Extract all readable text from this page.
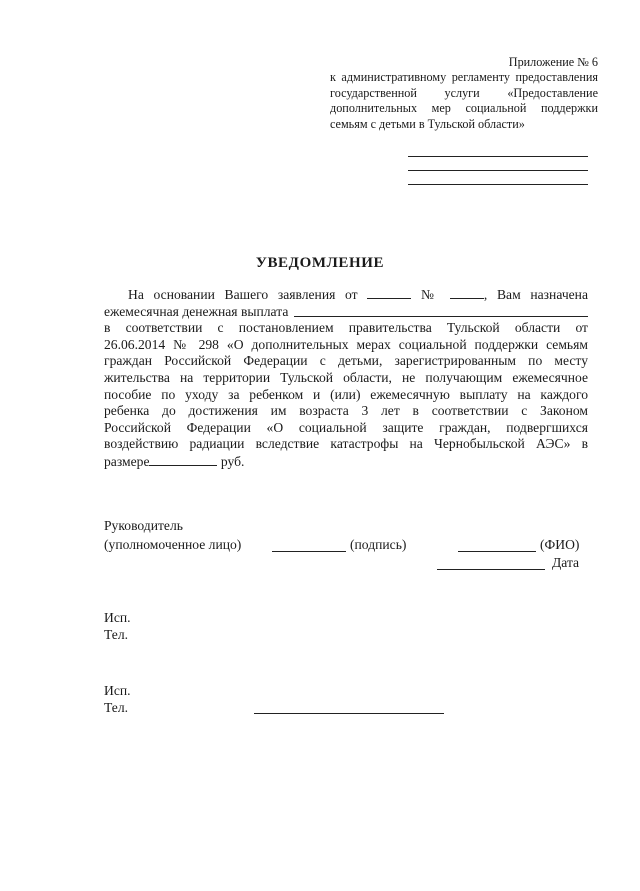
Приложение № 6
к административному регламенту предоставления
государственной услуги «Предоставление
дополнительных мер социальной поддержки
семьям с детьми в Тульской области»
УВЕДОМЛЕНИЕ
На основании Вашего заявления от	№	, Вам назначена
ежемесячная денежная выплата
в соответствии с постановлением правительства Тульской области от
26.06.2014 № 298 «О дополнительных мерах социальной поддержки семьям
граждан Российской Федерации с детьми, зарегистрированным по месту
жительства на территории Тульской области, не получающим ежемесячное
пособие по уходу за ребенком и (или) ежемесячную выплату на каждого
ребенка до достижения им возраста 3 лет в соответствии с Законом
Российской Федерации «О социальной защите граждан, подвергшихся
воздействию радиации вследствие катастрофы на Чернобыльской АЭС» в
размере	руб.
Руководитель
(уполномоченное лицо)	(подпись)	(ФИО)
Дата
Исп.
Тел.
Исп.
Тел.
